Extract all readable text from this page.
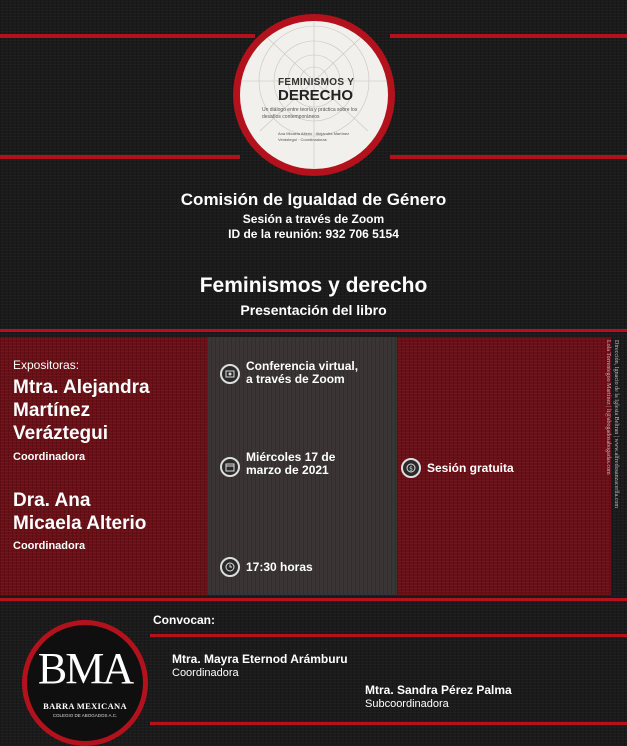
FEMINISMOS Y
DERECHO
Un diálogo entre teoría y práctica sobre los desafíos contemporáneos
Ana Micaela Alterio · Alejandra Martínez Verástegui · Coordinadoras
Comisión de Igualdad de Género
Sesión a través de Zoom
ID de la reunión: 932 706 5154
Feminismos y derecho
Presentación del libro
Expositoras:
Mtra. Alejandra
Martínez
Veráztegui
Coordinadora
Dra. Ana
Micaela Alterio
Coordinadora
Conferencia virtual,
a través de Zoom
Miércoles 17 de
marzo de 2021
17:30 horas
$ Sesión gratuita	Dirección, Ignacio de la Iglesia Beltran | www.alfredosanzacerlla.com
Lola Torrentegoo Martínez | lt@abogadosabogadas.com
Convocan:
Mtra. Mayra Eternod Arámburu
Coordinadora
Mtra. Sandra Pérez Palma
Subcoordinadora
BMA
BARRA MEXICANA
COLEGIO DE ABOGADOS A.C.
